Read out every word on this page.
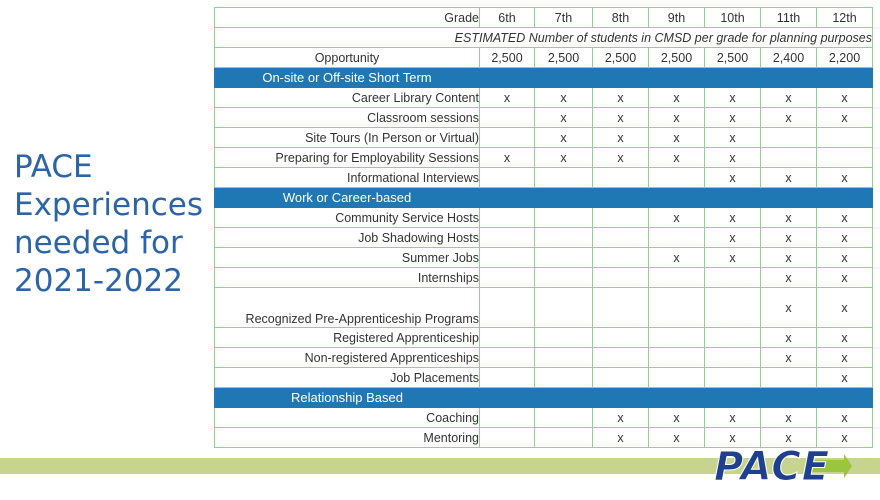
PACE
Experiences
needed for
2021-2022
Grade	6th	7th	8th	9th	10th	11th	12th
ESTIMATED Number of students in CMSD per grade for planning purposes							
Opportunity	2,500	2,500	2,500	2,500	2,500	2,400	2,200
On-site or Off-site Short Term							
Career Library Content	x	x	x	x	x	x	x
Classroom sessions		x	x	x	x	x	x
Site Tours (In Person or Virtual)		x	x	x	x		
Preparing for Employability Sessions	x	x	x	x	x		
Informational Interviews					x	x	x
Work or Career-based							
Community Service Hosts				x	x	x	x
Job Shadowing Hosts					x	x	x
Summer Jobs				x	x	x	x
Internships						x	x
Recognized Pre-Apprenticeship Programs						x	x
Registered Apprenticeship						x	x
Non-registered Apprenticeships						x	x
Job Placements							x
Relationship Based							
Coaching			x	x	x	x	x
Mentoring			x	x	x	x	x
PACE
